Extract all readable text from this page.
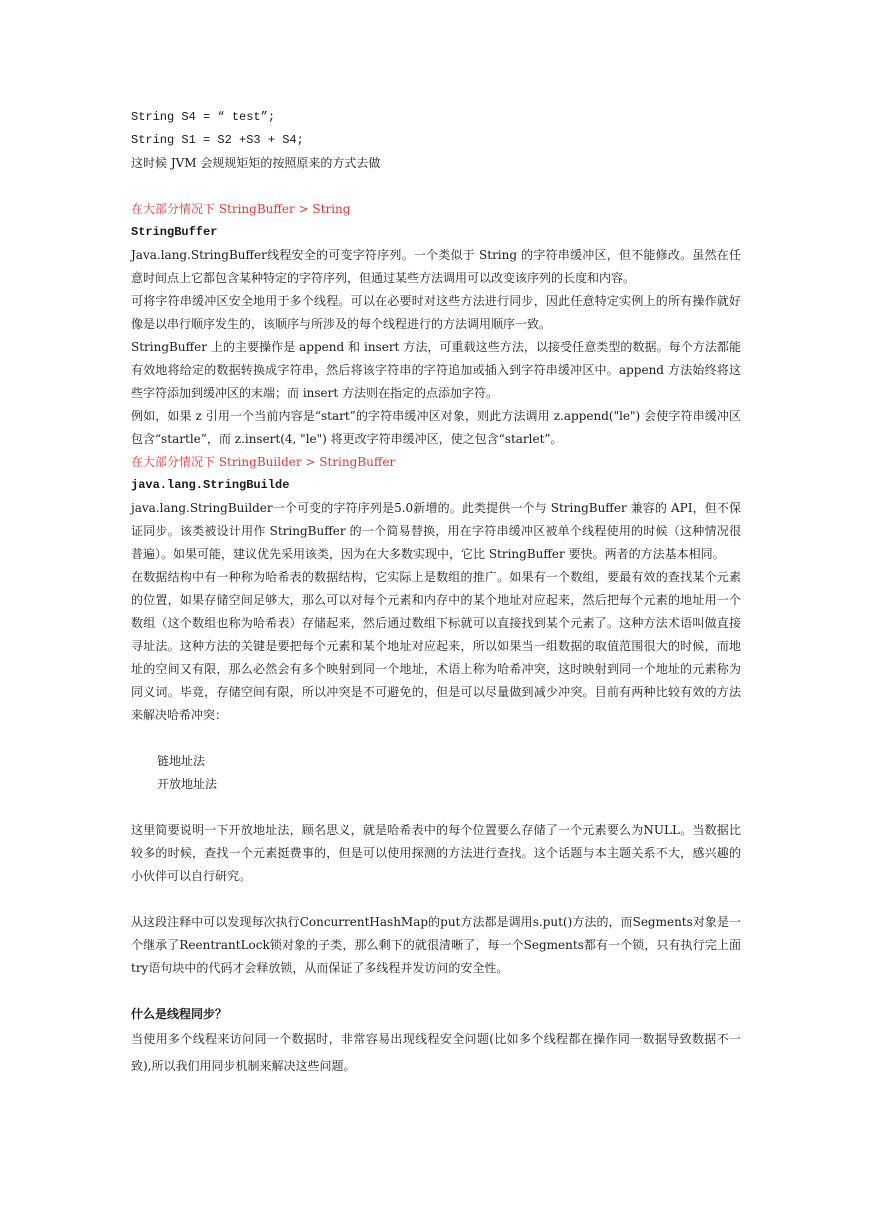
String S4 = “ test”;
String S1 = S2 +S3 + S4;
这时候 JVM 会规规矩矩的按照原来的方式去做
在大部分情况下 StringBuffer > String
StringBuffer
Java.lang.StringBuffer线程安全的可变字符序列。一个类似于 String 的字符串缓冲区，但不能修改。虽然在任意时间点上它都包含某种特定的字符序列，但通过某些方法调用可以改变该序列的长度和内容。
可将字符串缓冲区安全地用于多个线程。可以在必要时对这些方法进行同步，因此任意特定实例上的所有操作就好像是以串行顺序发生的，该顺序与所涉及的每个线程进行的方法调用顺序一致。
StringBuffer 上的主要操作是 append 和 insert 方法，可重载这些方法，以接受任意类型的数据。每个方法都能有效地将给定的数据转换成字符串，然后将该字符串的字符追加或插入到字符串缓冲区中。append 方法始终将这些字符添加到缓冲区的末端；而 insert 方法则在指定的点添加字符。
例如，如果 z 引用一个当前内容是“start”的字符串缓冲区对象，则此方法调用 z.append("le") 会使字符串缓冲区包含“startle”，而 z.insert(4, "le") 将更改字符串缓冲区，使之包含“starlet”。
在大部分情况下 StringBuilder > StringBuffer
java.lang.StringBuilde
java.lang.StringBuilder一个可变的字符序列是5.0新增的。此类提供一个与 StringBuffer 兼容的 API，但不保证同步。该类被设计用作 StringBuffer 的一个简易替换，用在字符串缓冲区被单个线程使用的时候（这种情况很普遍）。如果可能，建议优先采用该类，因为在大多数实现中，它比 StringBuffer 要快。两者的方法基本相同。
在数据结构中有一种称为哈希表的数据结构，它实际上是数组的推广。如果有一个数组，要最有效的查找某个元素的位置，如果存储空间足够大，那么可以对每个元素和内存中的某个地址对应起来，然后把每个元素的地址用一个数组（这个数组也称为哈希表）存储起来，然后通过数组下标就可以直接找到某个元素了。这种方法术语叫做直接寻址法。这种方法的关键是要把每个元素和某个地址对应起来，所以如果当一组数据的取值范围很大的时候，而地址的空间又有限，那么必然会有多个映射到同一个地址，术语上称为哈希冲突，这时映射到同一个地址的元素称为同义词。毕竟，存储空间有限，所以冲突是不可避免的，但是可以尽量做到减少冲突。目前有两种比较有效的方法来解决哈希冲突：
链地址法
开放地址法
这里简要说明一下开放地址法，顾名思义，就是哈希表中的每个位置要么存储了一个元素要么为NULL。当数据比较多的时候，查找一个元素挺费事的，但是可以使用探测的方法进行查找。这个话题与本主题关系不大，感兴趣的小伙伴可以自行研究。
从这段注释中可以发现每次执行ConcurrentHashMap的put方法都是调用s.put()方法的，而Segments对象是一个继承了ReentrantLock锁对象的子类，那么剩下的就很清晰了，每一个Segments都有一个锁，只有执行完上面try语句块中的代码才会释放锁，从而保证了多线程并发访问的安全性。
什么是线程同步？
当使用多个线程来访问同一个数据时，非常容易出现线程安全问题(比如多个线程都在操作同一数据导致数据不一致),所以我们用同步机制来解决这些问题。
